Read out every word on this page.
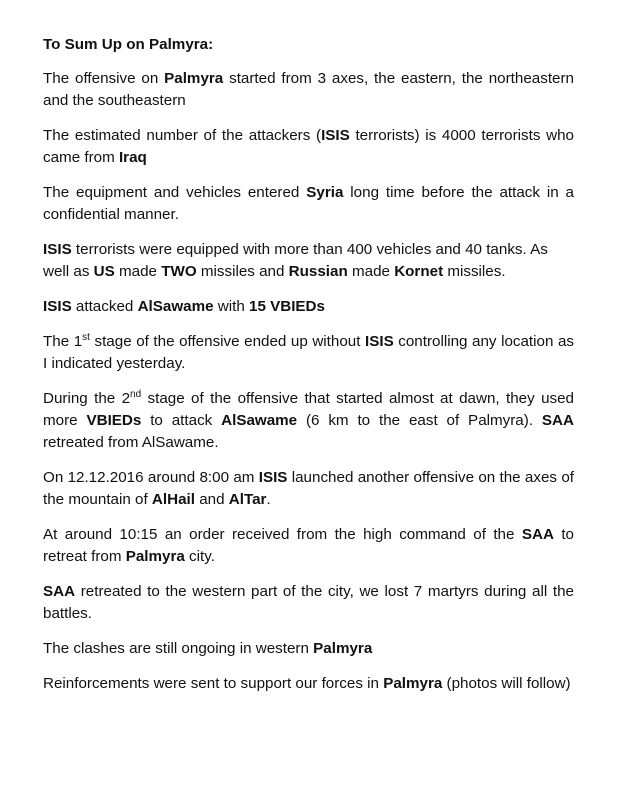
To Sum Up on Palmyra:

The offensive on Palmyra started from 3 axes, the eastern, the northeastern and the southeastern

The estimated number of the attackers (ISIS terrorists) is 4000 terrorists who came from Iraq

The equipment and vehicles entered Syria long time before the attack in a confidential manner.

ISIS terrorists were equipped with more than 400 vehicles and 40 tanks. As well as US made TWO missiles and Russian made Kornet missiles.

ISIS attacked AlSawame with 15 VBIEDs

The 1st stage of the offensive ended up without ISIS controlling any location as I indicated yesterday.

During the 2nd stage of the offensive that started almost at dawn, they used more VBIEDs to attack AlSawame (6 km to the east of Palmyra). SAA retreated from AlSawame.

On 12.12.2016 around 8:00 am ISIS launched another offensive on the axes of the mountain of AlHail and AlTar.

At around 10:15 an order received from the high command of the SAA to retreat from Palmyra city.

SAA retreated to the western part of the city, we lost 7 martyrs during all the battles.

The clashes are still ongoing in western Palmyra

Reinforcements were sent to support our forces in Palmyra (photos will follow)
